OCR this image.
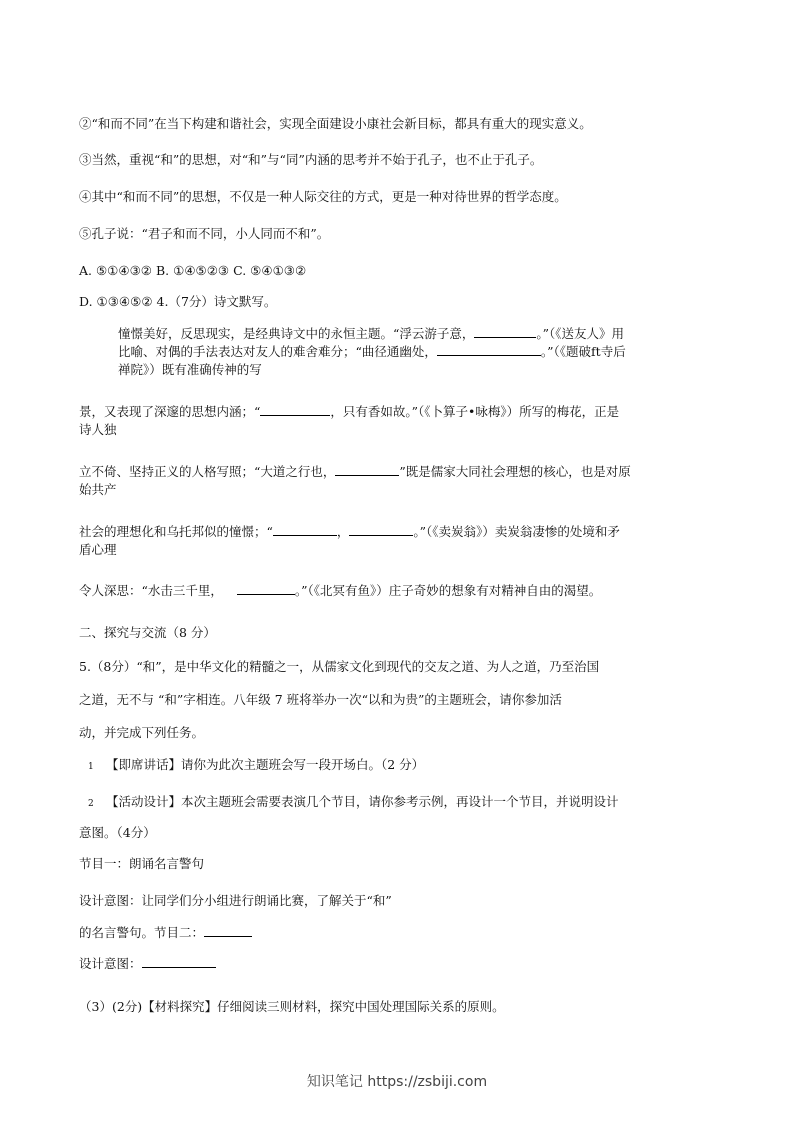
②“和而不同”在当下构建和谐社会，实现全面建设小康社会新目标，都具有重大的现实意义。
③当然，重视“和”的思想，对“和”与“同”内涵的思考并不始于孔子，也不止于孔子。
④其中“和而不同”的思想，不仅是一种人际交往的方式，更是一种对待世界的哲学态度。
⑤孔子说：“君子和而不同，小人同而不和”。
A. ⑤①④③② B. ①④⑤②③ C. ⑤④①③②
D. ①③④⑤② 4.（7分）诗文默写。
憧憬美好，反思现实，是经典诗文中的永恒主题。“浮云游子意，	。”（《送友人》用
比喻、对偶的手法表达对友人的难舍难分；“曲径通幽处，	。”（《题破ft寺后
禅院》）既有准确传神的写
景，又表现了深邃的思想内涵；“	，只有香如故。”（《卜算子•咏梅》）所写的梅花，正是
诗人独
立不倚、坚持正义的人格写照；“大道之行也，	”既是儒家大同社会理想的核心，也是对原
始共产
社会的理想化和乌托邦似的憧憬；“	，	。”（《卖炭翁》）卖炭翁凄惨的处境和矛
盾心理
令人深思：“水击三千里，	。”（《北冥有鱼》）庄子奇妙的想象有对精神自由的渴望。
二、探究与交流（8 分）
5.（8分）“和”，是中华文化的精髓之一，从儒家文化到现代的交友之道、为人之道，乃至治国
之道，无不与 “和”字相连。八年级 7 班将举办一次“以和为贵”的主题班会，请你参加活
动，并完成下列任务。
1 【即席讲话】请你为此次主题班会写一段开场白。（2 分）
2 【活动设计】本次主题班会需要表演几个节目，请你参考示例，再设计一个节目，并说明设计
意图。（4分）
节目一：朗诵名言警句
设计意图：让同学们分小组进行朗诵比赛，了解关于“和”
的名言警句。节目二：
设计意图：
（3）(2分)【材料探究】仔细阅读三则材料，探究中国处理国际关系的原则。
知识笔记 https://zsbiji.com
